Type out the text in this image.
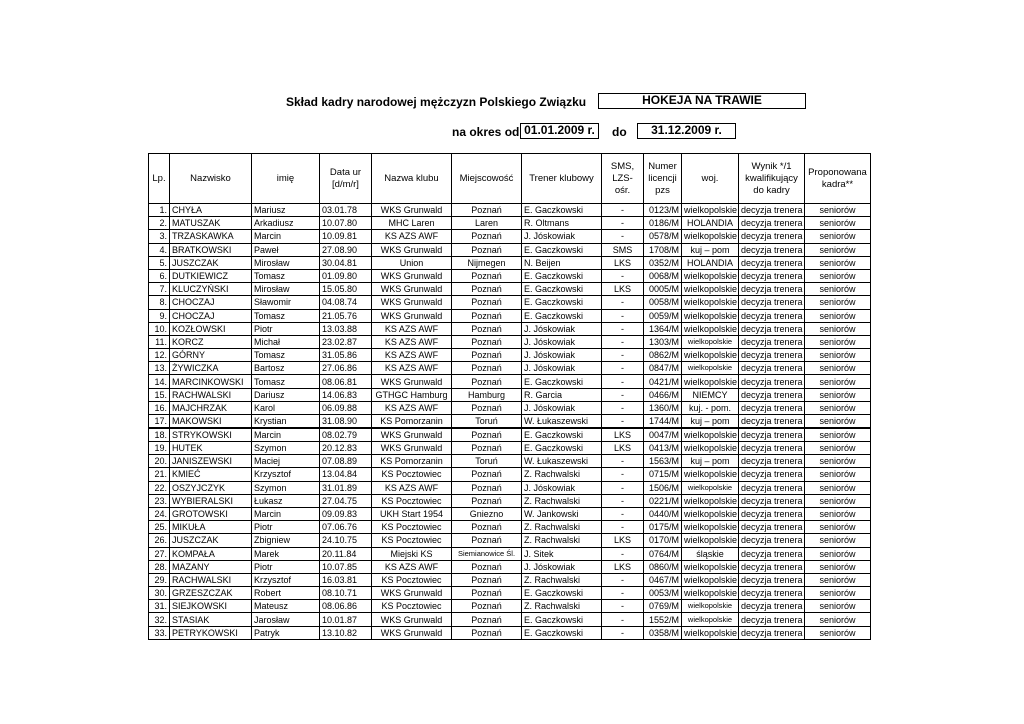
Skład kadry narodowej mężczyzn Polskiego Związku	HOKEJA NA TRAWIE
na okres od 01.01.2009 r.	do	31.12.2009 r.
Lp.	Nazwisko	imię	Data ur [d/m/r]	Nazwa klubu	Miejscowość	Trener klubowy	SMS, LZS- ośr.	Numer licencji pzs	woj.	Wynik */1 kwalifikujący do kadry	Proponowana kadra**
1.	CHYŁA	Mariusz	03.01.78	WKS Grunwald	Poznań	E. Gaczkowski	-	0123/M	wielkopolskie	decyzja trenera	seniorów
2.	MATUSZAK	Arkadiusz	10.07.80	MHC Laren	Laren	R. Oltmans	-	0186/M	HOLANDIA	decyzja trenera	seniorów
3.	TRZASKAWKA	Marcin	10.09.81	KS AZS AWF	Poznań	J. Jóskowiak	-	0578/M	wielkopolskie	decyzja trenera	seniorów
4.	BRATKOWSKI	Paweł	27.08.90	WKS Grunwald	Poznań	E. Gaczkowski	SMS	1708/M	kuj – pom	decyzja trenera	seniorów
5.	JUSZCZAK	Mirosław	30.04.81	Union	Nijmegen	N. Beijen	LKS	0352/M	HOLANDIA	decyzja trenera	seniorów
6.	DUTKIEWICZ	Tomasz	01.09.80	WKS Grunwald	Poznań	E. Gaczkowski	-	0068/M	wielkopolskie	decyzja trenera	seniorów
7.	KLUCZYŃSKI	Mirosław	15.05.80	WKS Grunwald	Poznań	E. Gaczkowski	LKS	0005/M	wielkopolskie	decyzja trenera	seniorów
8.	CHOCZAJ	Sławomir	04.08.74	WKS Grunwald	Poznań	E. Gaczkowski	-	0058/M	wielkopolskie	decyzja trenera	seniorów
9.	CHOCZAJ	Tomasz	21.05.76	WKS Grunwald	Poznań	E. Gaczkowski	-	0059/M	wielkopolskie	decyzja trenera	seniorów
10.	KOZŁOWSKI	Piotr	13.03.88	KS AZS AWF	Poznań	J. Jóskowiak	-	1364/M	wielkopolskie	decyzja trenera	seniorów
11.	KORCZ	Michał	23.02.87	KS AZS AWF	Poznań	J. Jóskowiak	-	1303/M	wielkopolskie	decyzja trenera	seniorów
12.	GÓRNY	Tomasz	31.05.86	KS AZS AWF	Poznań	J. Jóskowiak	-	0862/M	wielkopolskie	decyzja trenera	seniorów
13.	ŻYWICZKA	Bartosz	27.06.86	KS AZS AWF	Poznań	J. Jóskowiak	-	0847/M	wielkopolskie	decyzja trenera	seniorów
14.	MARCINKOWSKI	Tomasz	08.06.81	WKS Grunwald	Poznań	E. Gaczkowski	-	0421/M	wielkopolskie	decyzja trenera	seniorów
15.	RACHWALSKI	Dariusz	14.06.83	GTHGC Hamburg	Hamburg	R. Garcia	-	0466/M	NIEMCY	decyzja trenera	seniorów
16.	MAJCHRZAK	Karol	06.09.88	KS AZS AWF	Poznań	J. Jóskowiak	-	1360/M	kuj. - pom.	decyzja trenera	seniorów
17.	MAKOWSKI	Krystian	31.08.90	KS Pomorzanin	Toruń	W. Łukaszewski	-	1744/M	kuj – pom	decyzja trenera	seniorów
18.	STRYKOWSKI	Marcin	08.02.79	WKS Grunwald	Poznań	E. Gaczkowski	LKS	0047/M	wielkopolskie	decyzja trenera	seniorów
19.	HUTEK	Szymon	20.12.83	WKS Grunwald	Poznań	E. Gaczkowski	LKS	0413/M	wielkopolskie	decyzja trenera	seniorów
20.	JANISZEWSKI	Maciej	07.08.89	KS Pomorzanin	Toruń	W. Łukaszewski	-	1563/M	kuj – pom	decyzja trenera	seniorów
21.	KMIEĆ	Krzysztof	13.04.84	KS Pocztowiec	Poznań	Z. Rachwalski	-	0715/M	wielkopolskie	decyzja trenera	seniorów
22.	OSZYJCZYK	Szymon	31.01.89	KS AZS AWF	Poznań	J. Jóskowiak	-	1506/M	wielkopolskie	decyzja trenera	seniorów
23.	WYBIERALSKI	Łukasz	27.04.75	KS Pocztowiec	Poznań	Z. Rachwalski	-	0221/M	wielkopolskie	decyzja trenera	seniorów
24.	GROTOWSKI	Marcin	09.09.83	UKH Start 1954	Gniezno	W. Jankowski	-	0440/M	wielkopolskie	decyzja trenera	seniorów
25.	MIKUŁA	Piotr	07.06.76	KS Pocztowiec	Poznań	Z. Rachwalski	-	0175/M	wielkopolskie	decyzja trenera	seniorów
26.	JUSZCZAK	Zbigniew	24.10.75	KS Pocztowiec	Poznań	Z. Rachwalski	LKS	0170/M	wielkopolskie	decyzja trenera	seniorów
27.	KOMPAŁA	Marek	20.11.84	Miejski KS	Siemianowice Śl.	J. Sitek	-	0764/M	śląskie	decyzja trenera	seniorów
28.	MAZANY	Piotr	10.07.85	KS AZS AWF	Poznań	J. Jóskowiak	LKS	0860/M	wielkopolskie	decyzja trenera	seniorów
29.	RACHWALSKI	Krzysztof	16.03.81	KS Pocztowiec	Poznań	Z. Rachwalski	-	0467/M	wielkopolskie	decyzja trenera	seniorów
30.	GRZESZCZAK	Robert	08.10.71	WKS Grunwald	Poznań	E. Gaczkowski	-	0053/M	wielkopolskie	decyzja trenera	seniorów
31.	SIEJKOWSKI	Mateusz	08.06.86	KS Pocztowiec	Poznań	Z. Rachwalski	-	0769/M	wielkopolskie	decyzja trenera	seniorów
32.	STASIAK	Jarosław	10.01.87	WKS Grunwald	Poznań	E. Gaczkowski	-	1552/M	wielkopolskie	decyzja trenera	seniorów
33.	PETRYKOWSKI	Patryk	13.10.82	WKS Grunwald	Poznań	E. Gaczkowski	-	0358/M	wielkopolskie	decyzja trenera	seniorów
